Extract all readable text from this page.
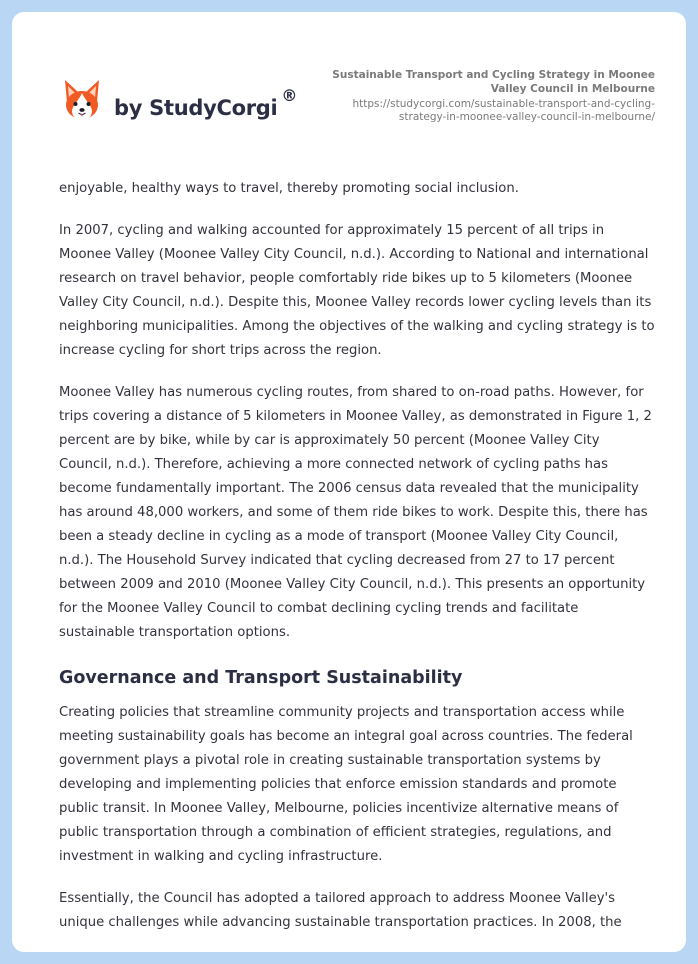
by StudyCorgi®
Sustainable Transport and Cycling Strategy in Moonee Valley Council in Melbourne
https://studycorgi.com/sustainable-transport-and-cycling-strategy-in-moonee-valley-council-in-melbourne/

enjoyable, healthy ways to travel, thereby promoting social inclusion.

In 2007, cycling and walking accounted for approximately 15 percent of all trips in Moonee Valley (Moonee Valley City Council, n.d.). According to National and international research on travel behavior, people comfortably ride bikes up to 5 kilometers (Moonee Valley City Council, n.d.). Despite this, Moonee Valley records lower cycling levels than its neighboring municipalities. Among the objectives of the walking and cycling strategy is to increase cycling for short trips across the region.

Moonee Valley has numerous cycling routes, from shared to on-road paths. However, for trips covering a distance of 5 kilometers in Moonee Valley, as demonstrated in Figure 1, 2 percent are by bike, while by car is approximately 50 percent (Moonee Valley City Council, n.d.). Therefore, achieving a more connected network of cycling paths has become fundamentally important. The 2006 census data revealed that the municipality has around 48,000 workers, and some of them ride bikes to work. Despite this, there has been a steady decline in cycling as a mode of transport (Moonee Valley City Council, n.d.). The Household Survey indicated that cycling decreased from 27 to 17 percent between 2009 and 2010 (Moonee Valley City Council, n.d.). This presents an opportunity for the Moonee Valley Council to combat declining cycling trends and facilitate sustainable transportation options.

Governance and Transport Sustainability

Creating policies that streamline community projects and transportation access while meeting sustainability goals has become an integral goal across countries. The federal government plays a pivotal role in creating sustainable transportation systems by developing and implementing policies that enforce emission standards and promote public transit. In Moonee Valley, Melbourne, policies incentivize alternative means of public transportation through a combination of efficient strategies, regulations, and investment in walking and cycling infrastructure.

Essentially, the Council has adopted a tailored approach to address Moonee Valley's unique challenges while advancing sustainable transportation practices. In 2008, the
